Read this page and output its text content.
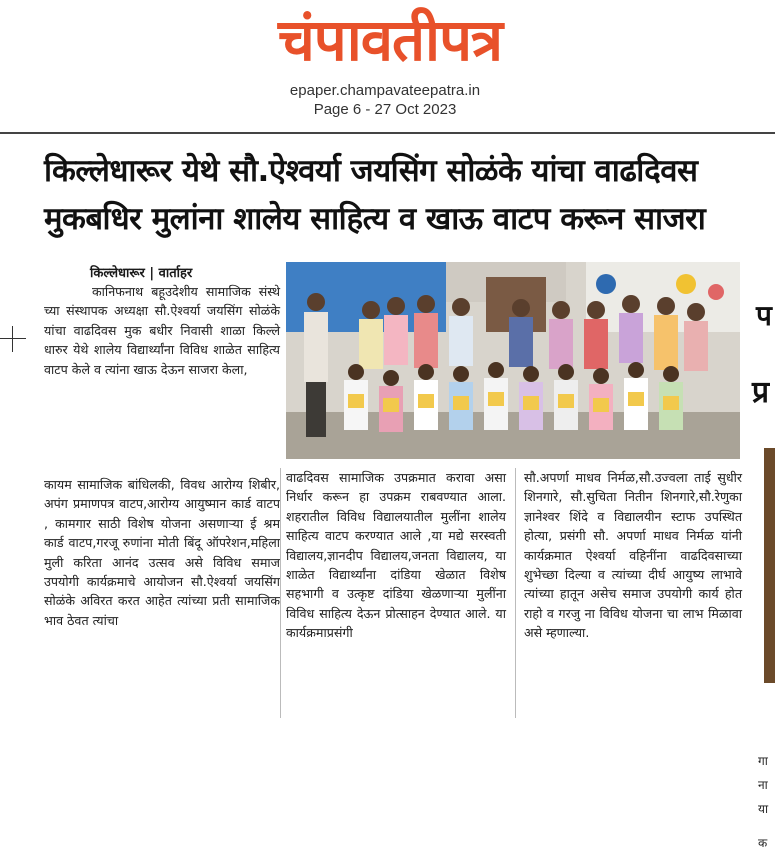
चंपावतीपत्र
epaper.champavateepatra.in
Page 6 - 27 Oct 2023
किल्लेधारूर येथे सौ.ऐश्वर्या जयसिंग सोळंके यांचा वाढदिवस
मुकबधिर मुलांना शालेय साहित्य व खाऊ वाटप करून साजरा
किल्लेधारूर | वार्ताहर
कानिफनाथ बहूउदेशीय सामाजिक संस्थे च्या संस्थापक अध्यक्षा सौ.ऐश्वर्या जयसिंग सोळंके यांचा वाढदिवस मुक बधीर निवासी शाळा किल्ले धारुर येथे शालेय विद्यार्थ्यांना विविध शाळेत साहित्य वाटप केले व त्यांना खाऊ देऊन साजरा केला,
कायम सामाजिक बांधिलकी, विवध आरोग्य शिबीर, अपंग प्रमाणपत्र वाटप,आरोग्य आयुष्मान कार्ड वाटप , कामगार साठी विशेष योजना असणाऱ्या ई श्रम कार्ड वाटप,गरजू रुणांना मोती बिंदू ऑपरेशन,महिला मुली करिता आनंद उत्सव असे विविध समाज उपयोगी कार्यक्रमाचे आयोजन सौ.ऐश्वर्या जयसिंग सोळंके अविरत करत आहेत त्यांच्या प्रती सामाजिक भाव ठेवत त्यांचा
वाढदिवस सामाजिक उपक्रमात करावा असा निर्धार करून हा उपक्रम राबवण्यात आला. शहरातील विविध विद्यालयातील मुलींना शालेय साहित्य वाटप करण्यात आले ,या मद्ये सरस्वती विद्यालय,ज्ञानदीप विद्यालय,जनता विद्यालय, या शाळेत विद्यार्थ्यांना दांडिया खेळात विशेष सहभागी व उत्कृष्ट दांडिया खेळणाऱ्या मुलींना विविध साहित्य देऊन प्रोत्साहन देण्यात आले. या कार्यक्रमाप्रसंगी
सौ.अपर्णा माधव निर्मळ,सौ.उज्वला ताई सुधीर शिनगारे, सौ.सुचिता नितीन शिनगारे,सौ.रेणुका ज्ञानेश्वर शिंदे व विद्यालयीन स्टाफ उपस्थित होत्या, प्रसंगी सौ. अपर्णा माधव निर्मळ यांनी कार्यक्रमात ऐश्वर्या वहिनींना वाढदिवसाच्या शुभेच्छा दिल्या व त्यांच्या दीर्घ आयुष्य लाभावे त्यांच्या हातून असेच समाज उपयोगी कार्य होत राहो व गरजु ना विविध योजना चा लाभ मिळावा असे म्हणाल्या.
प
प्र
गा
ना
या
क
